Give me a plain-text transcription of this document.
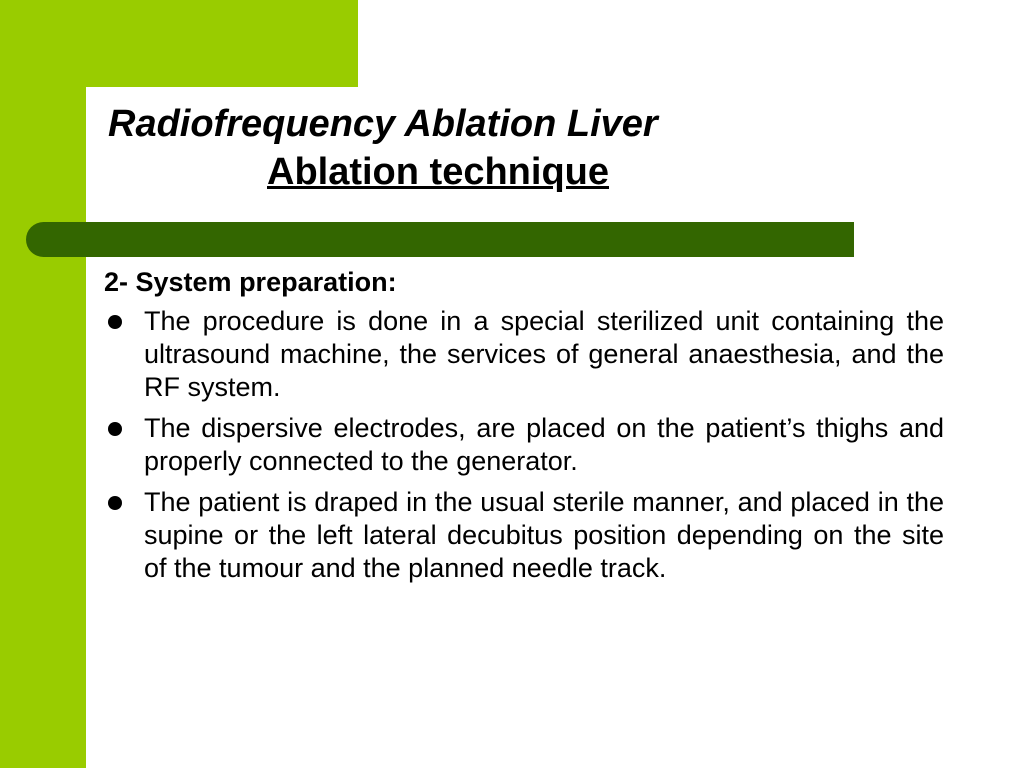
Radiofrequency Ablation Liver
Ablation technique
2- System preparation:
The procedure is done in a special sterilized unit containing the ultrasound machine, the services of general anaesthesia, and the RF system.
The dispersive electrodes, are placed on the patient’s thighs and properly connected to the generator.
The patient is draped in the usual sterile manner, and placed in the supine or the left lateral decubitus position depending on the site of the tumour and the planned needle track.
